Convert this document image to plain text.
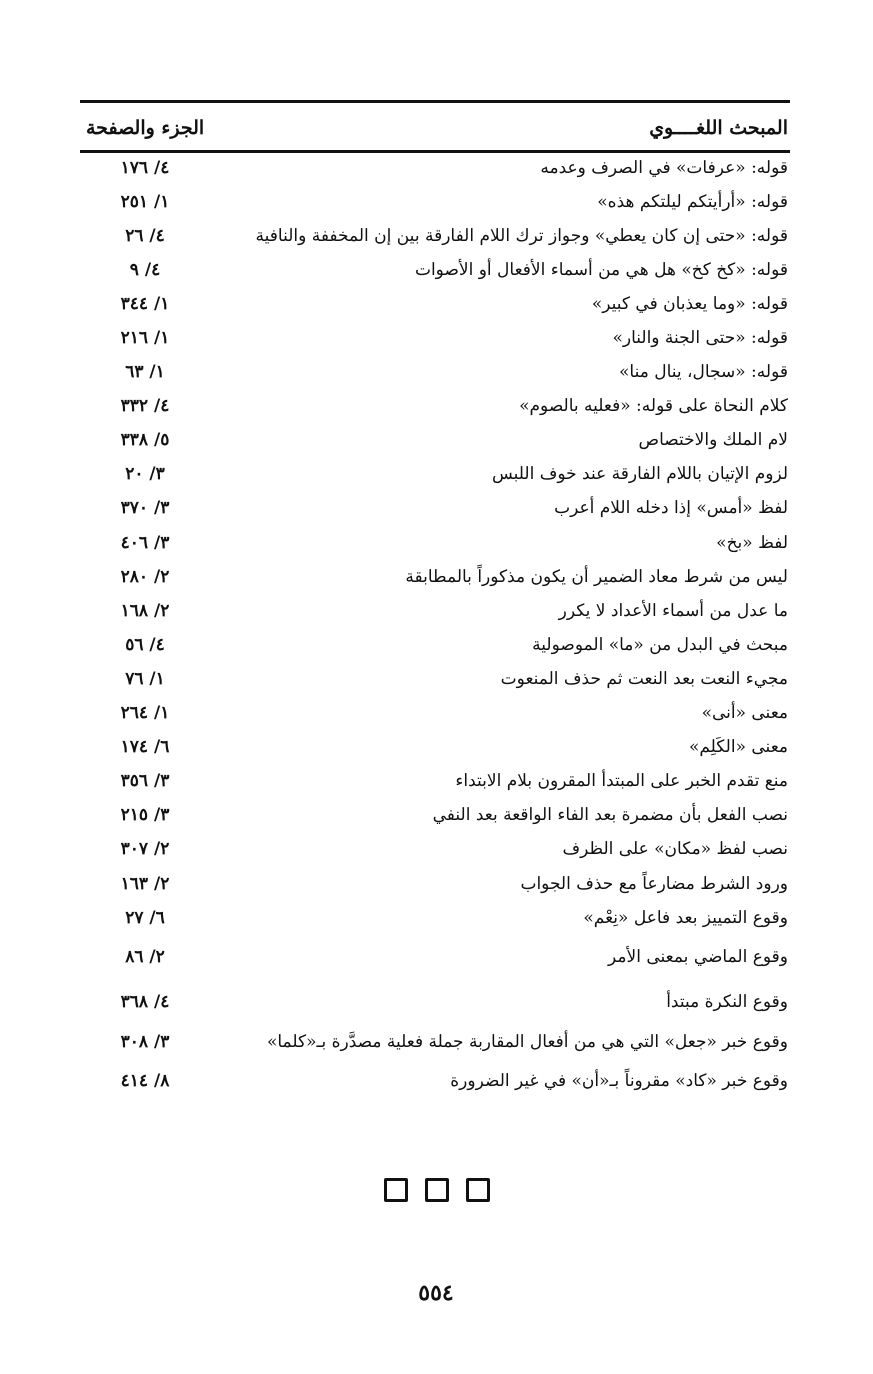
المبحث اللغــــوي
الجزء والصفحة
قوله: «عرفات» في الصرف وعدمه
٤/ ١٧٦
قوله: «أرأيتكم ليلتكم هذه»
١/ ٢٥١
قوله: «حتى إن كان يعطي» وجواز ترك اللام الفارقة بين إن المخففة والنافية
٤/ ٢٦
قوله: «كخ كخ» هل هي من أسماء الأفعال أو الأصوات
٤/ ٩
قوله: «وما يعذبان في كبير»
١/ ٣٤٤
قوله: «حتى الجنة والنار»
١/ ٢١٦
قوله: «سجال، ينال منا»
١/ ٦٣
كلام النحاة على قوله: «فعليه بالصوم»
٤/ ٣٣٢
لام الملك والاختصاص
٥/ ٣٣٨
لزوم الإتيان باللام الفارقة عند خوف اللبس
٣/ ٢٠
لفظ «أمس» إذا دخله اللام أعرب
٣/ ٣٧٠
لفظ «بخ»
٣/ ٤٠٦
ليس من شرط معاد الضمير أن يكون مذكوراً بالمطابقة
٢/ ٢٨٠
ما عدل من أسماء الأعداد لا يكرر
٢/ ١٦٨
مبحث في البدل من «ما» الموصولية
٤/ ٥٦
مجيء النعت بعد النعت ثم حذف المنعوت
١/ ٧٦
معنى «أنى»
١/ ٢٦٤
معنى «الكَلِم»
٦/ ١٧٤
منع تقدم الخبر على المبتدأ المقرون بلام الابتداء
٣/ ٣٥٦
نصب الفعل بأن مضمرة بعد الفاء الواقعة بعد النفي
٣/ ٢١٥
نصب لفظ «مكان» على الظرف
٢/ ٣٠٧
ورود الشرط مضارعاً مع حذف الجواب
٢/ ١٦٣
وقوع التمييز بعد فاعل «نِعْم»
٦/ ٢٧
وقوع الماضي بمعنى الأمر
٢/ ٨٦
وقوع النكرة مبتدأ
٤/ ٣٦٨
وقوع خبر «جعل» التي هي من أفعال المقاربة جملة فعلية مصدَّرة بـ«كلما»
٣/ ٣٠٨
وقوع خبر «كاد» مقروناً بـ«أن» في غير الضرورة
٨/ ٤١٤
٥٥٤
